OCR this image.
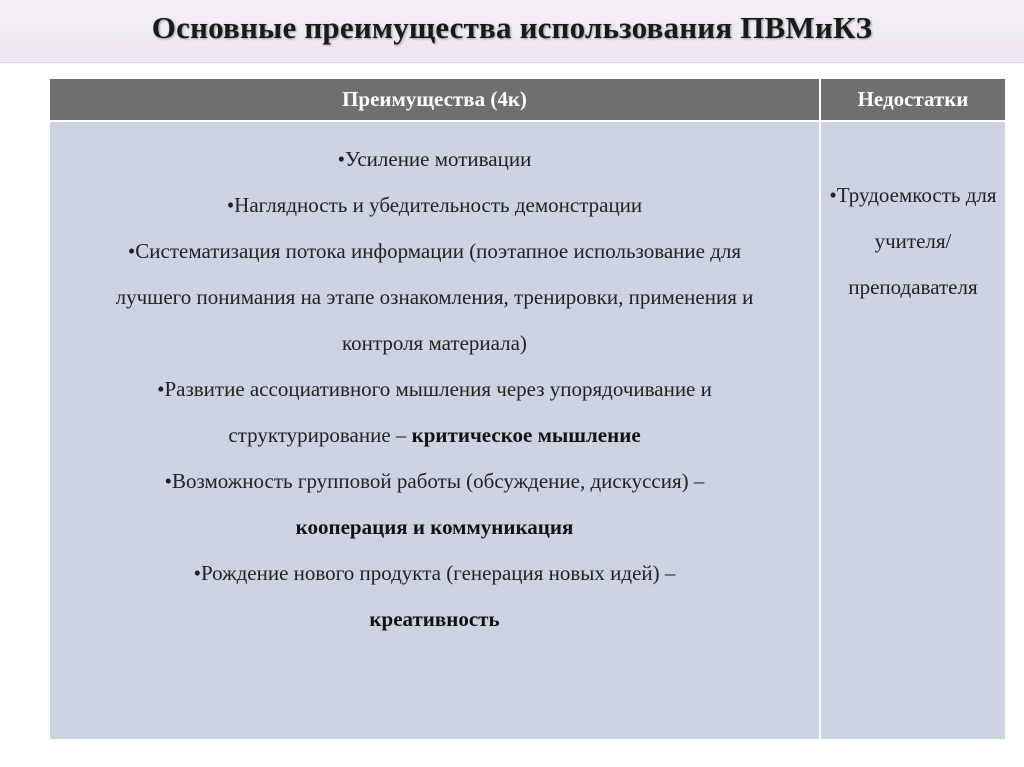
Основные преимущества использования ПВМиКЗ
Преимущества (4к)	Недостатки

•Усиление мотивации

•Наглядность и убедительность демонстрации

•Систематизация потока информации (поэтапное использование для лучшего понимания на этапе ознакомления, тренировки, применения и контроля материала)

•Развитие ассоциативного мышления через упорядочивание и структурирование – критическое мышление

•Возможность групповой работы (обсуждение, дискуссия) –
кооперация и коммуникация

•Рождение нового продукта (генерация новых идей) –
креативность

•Трудоемкость для учителя/ преподавателя
